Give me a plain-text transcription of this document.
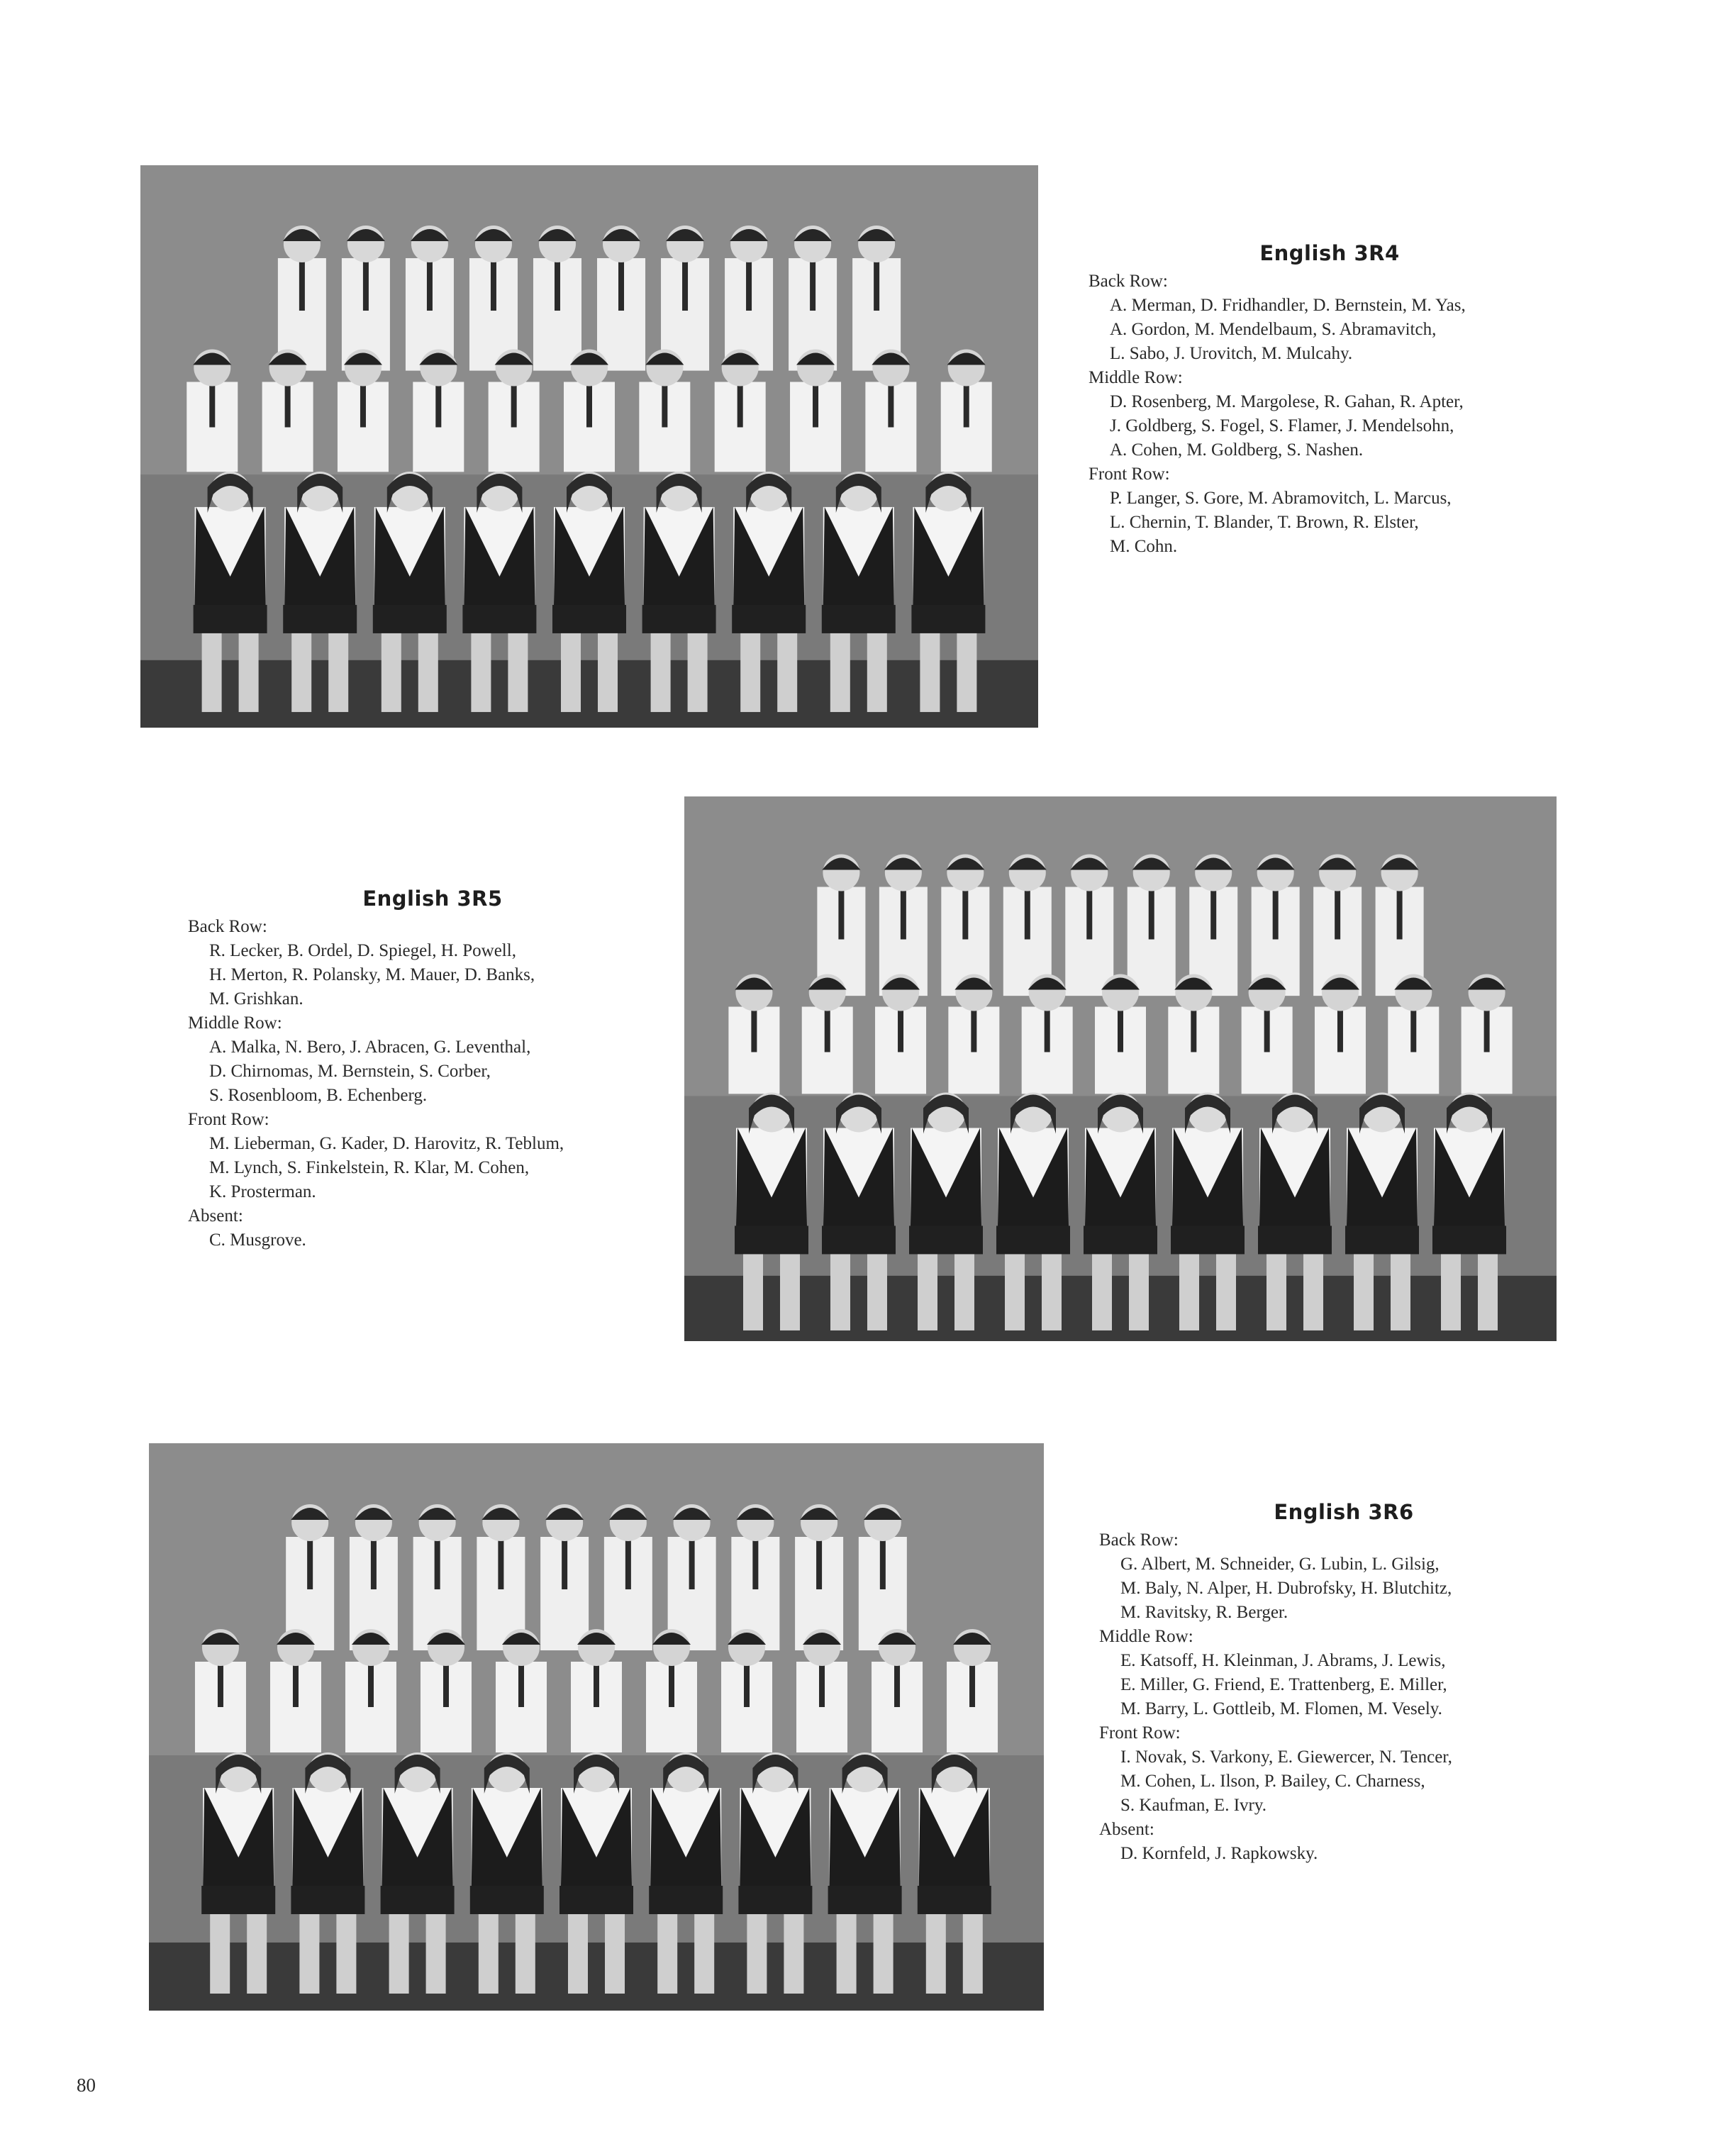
English 3R4
Back Row:
A. Merman, D. Fridhandler, D. Bernstein, M. Yas,
A. Gordon, M. Mendelbaum, S. Abramavitch,
L. Sabo, J. Urovitch, M. Mulcahy.
Middle Row:
D. Rosenberg, M. Margolese, R. Gahan, R. Apter,
J. Goldberg, S. Fogel, S. Flamer, J. Mendelsohn,
A. Cohen, M. Goldberg, S. Nashen.
Front Row:
P. Langer, S. Gore, M. Abramovitch, L. Marcus,
L. Chernin, T. Blander, T. Brown, R. Elster,
M. Cohn.
English 3R5
Back Row:
R. Lecker, B. Ordel, D. Spiegel, H. Powell,
H. Merton, R. Polansky, M. Mauer, D. Banks,
M. Grishkan.
Middle Row:
A. Malka, N. Bero, J. Abracen, G. Leventhal,
D. Chirnomas, M. Bernstein, S. Corber,
S. Rosenbloom, B. Echenberg.
Front Row:
M. Lieberman, G. Kader, D. Harovitz, R. Teblum,
M. Lynch, S. Finkelstein, R. Klar, M. Cohen,
K. Prosterman.
Absent:
C. Musgrove.
English 3R6
Back Row:
G. Albert, M. Schneider, G. Lubin, L. Gilsig,
M. Baly, N. Alper, H. Dubrofsky, H. Blutchitz,
M. Ravitsky, R. Berger.
Middle Row:
E. Katsoff, H. Kleinman, J. Abrams, J. Lewis,
E. Miller, G. Friend, E. Trattenberg, E. Miller,
M. Barry, L. Gottleib, M. Flomen, M. Vesely.
Front Row:
I. Novak, S. Varkony, E. Giewercer, N. Tencer,
M. Cohen, L. Ilson, P. Bailey, C. Charness,
S. Kaufman, E. Ivry.
Absent:
D. Kornfeld, J. Rapkowsky.
80
